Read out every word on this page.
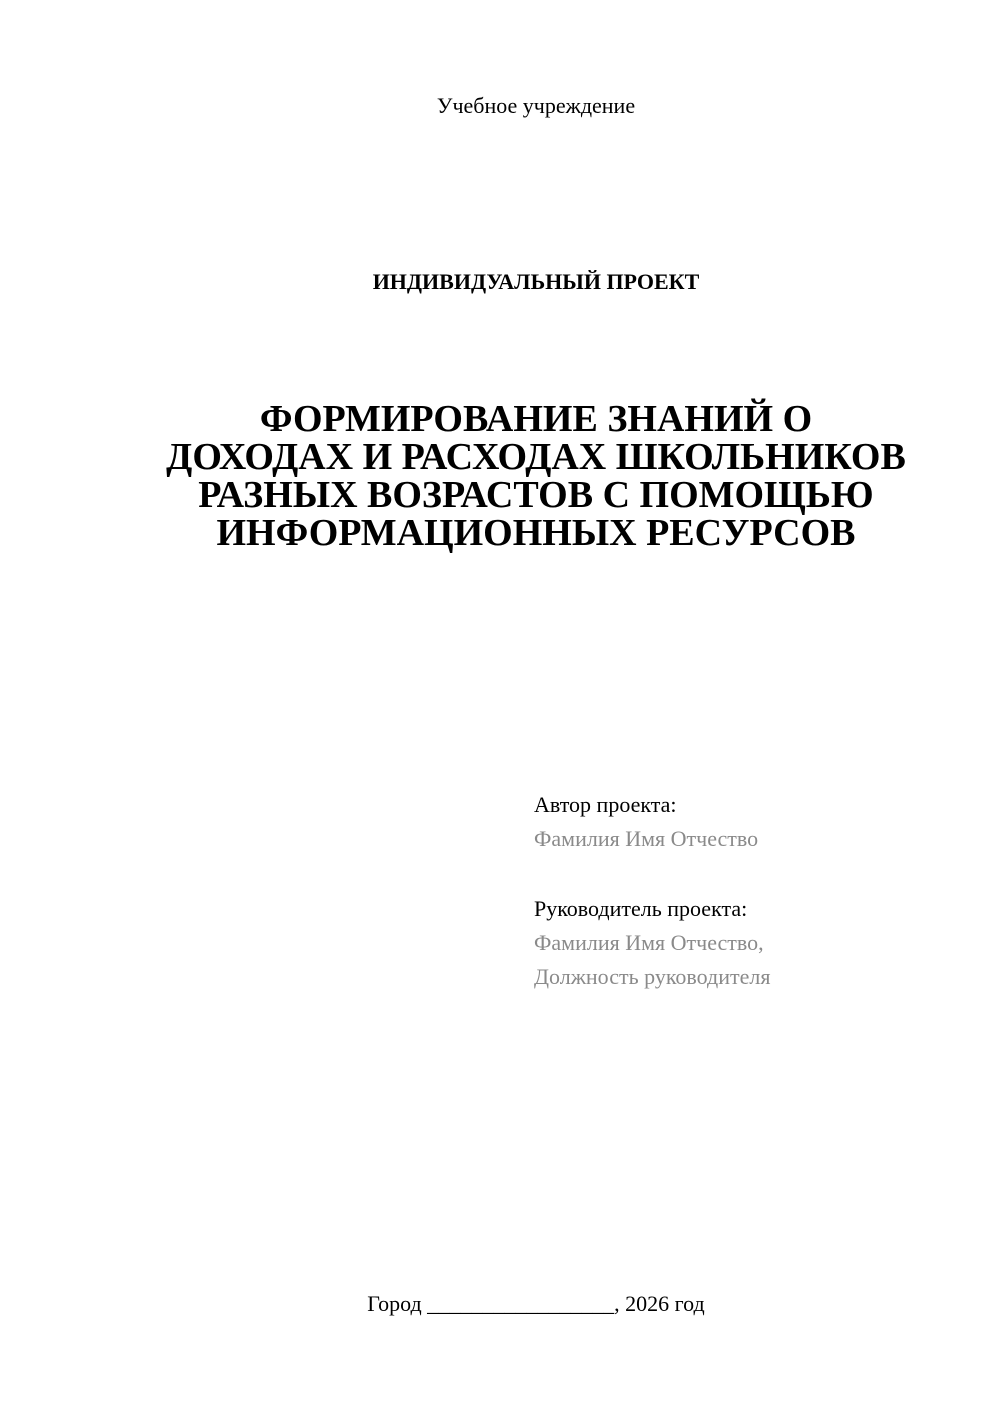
Учебное учреждение
ИНДИВИДУАЛЬНЫЙ ПРОЕКТ
ФОРМИРОВАНИЕ ЗНАНИЙ О
ДОХОДАХ И РАСХОДАХ ШКОЛЬНИКОВ
РАЗНЫХ ВОЗРАСТОВ С ПОМОЩЬЮ
ИНФОРМАЦИОННЫХ РЕСУРСОВ
Автор проекта:
Фамилия Имя Отчество
Руководитель проекта:
Фамилия Имя Отчество,
Должность руководителя
Город _________________, 2026 год
